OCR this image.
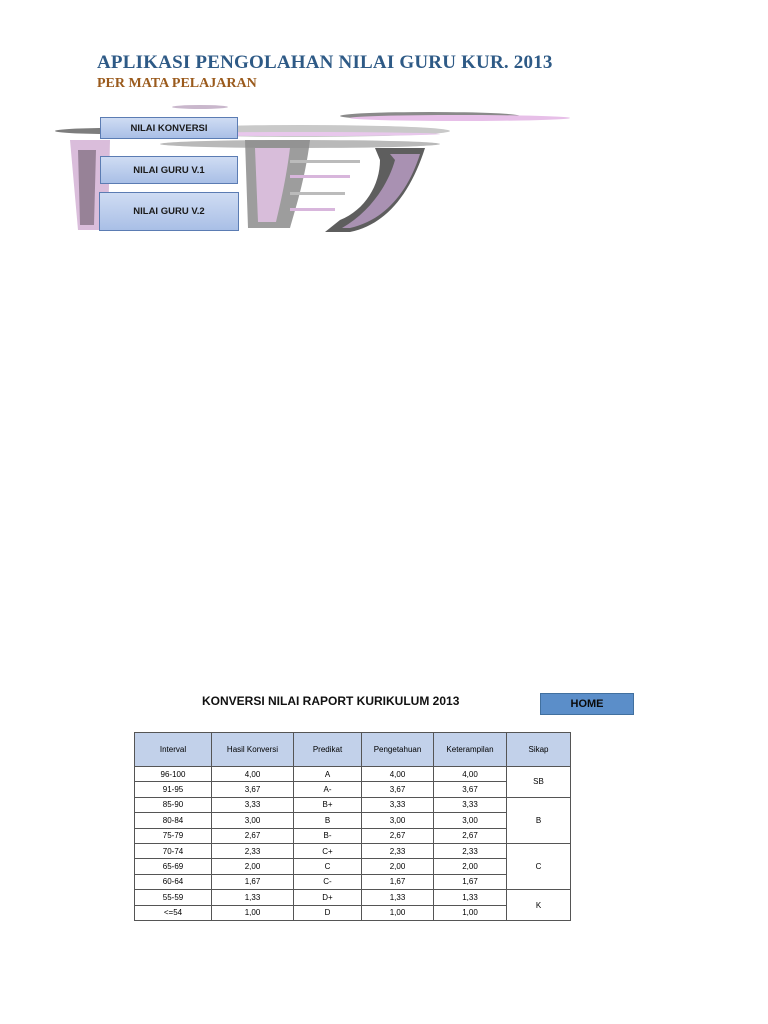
APLIKASI PENGOLAHAN NILAI GURU KUR. 2013
PER MATA PELAJARAN
NILAI KONVERSI
NILAI GURU V.1
NILAI GURU V.2
KONVERSI NILAI RAPORT KURIKULUM 2013	HOME
Interval	Hasil Konversi	Predikat	Pengetahuan	Keterampilan	Sikap
96-100	4,00	A	4,00	4,00	SB
91-95	3,67	A-	3,67	3,67	
85-90	3,33	B+	3,33	3,33	B
80-84	3,00	B	3,00	3,00	
75-79	2,67	B-	2,67	2,67	
70-74	2,33	C+	2,33	2,33	C
65-69	2,00	C	2,00	2,00	
60-64	1,67	C-	1,67	1,67	
55-59	1,33	D+	1,33	1,33	K
<=54	1,00	D	1,00	1,00	
